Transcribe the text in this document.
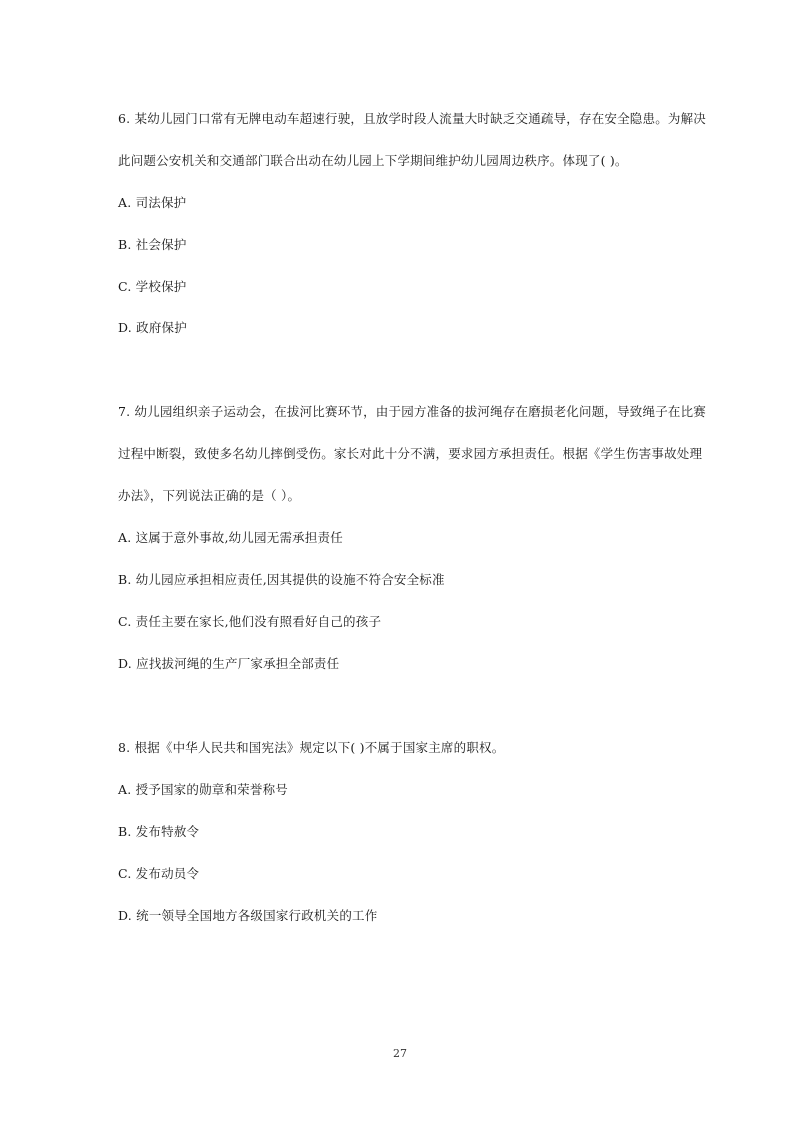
6. 某幼儿园门口常有无牌电动车超速行驶，且放学时段人流量大时缺乏交通疏导，存在安全隐患。为解决
此问题公安机关和交通部门联合出动在幼儿园上下学期间维护幼儿园周边秩序。体现了( )。
A. 司法保护
B. 社会保护
C. 学校保护
D. 政府保护
7. 幼儿园组织亲子运动会，在拔河比赛环节，由于园方准备的拔河绳存在磨损老化问题，导致绳子在比赛
过程中断裂，致使多名幼儿摔倒受伤。家长对此十分不满，要求园方承担责任。根据《学生伤害事故处理
办法》，下列说法正确的是（ ）。
A. 这属于意外事故,幼儿园无需承担责任
B. 幼儿园应承担相应责任,因其提供的设施不符合安全标准
C. 责任主要在家长,他们没有照看好自己的孩子
D. 应找拔河绳的生产厂家承担全部责任
8. 根据《中华人民共和国宪法》规定以下( )不属于国家主席的职权。
A. 授予国家的勋章和荣誉称号
B. 发布特赦令
C. 发布动员令
D. 统一领导全国地方各级国家行政机关的工作
27
